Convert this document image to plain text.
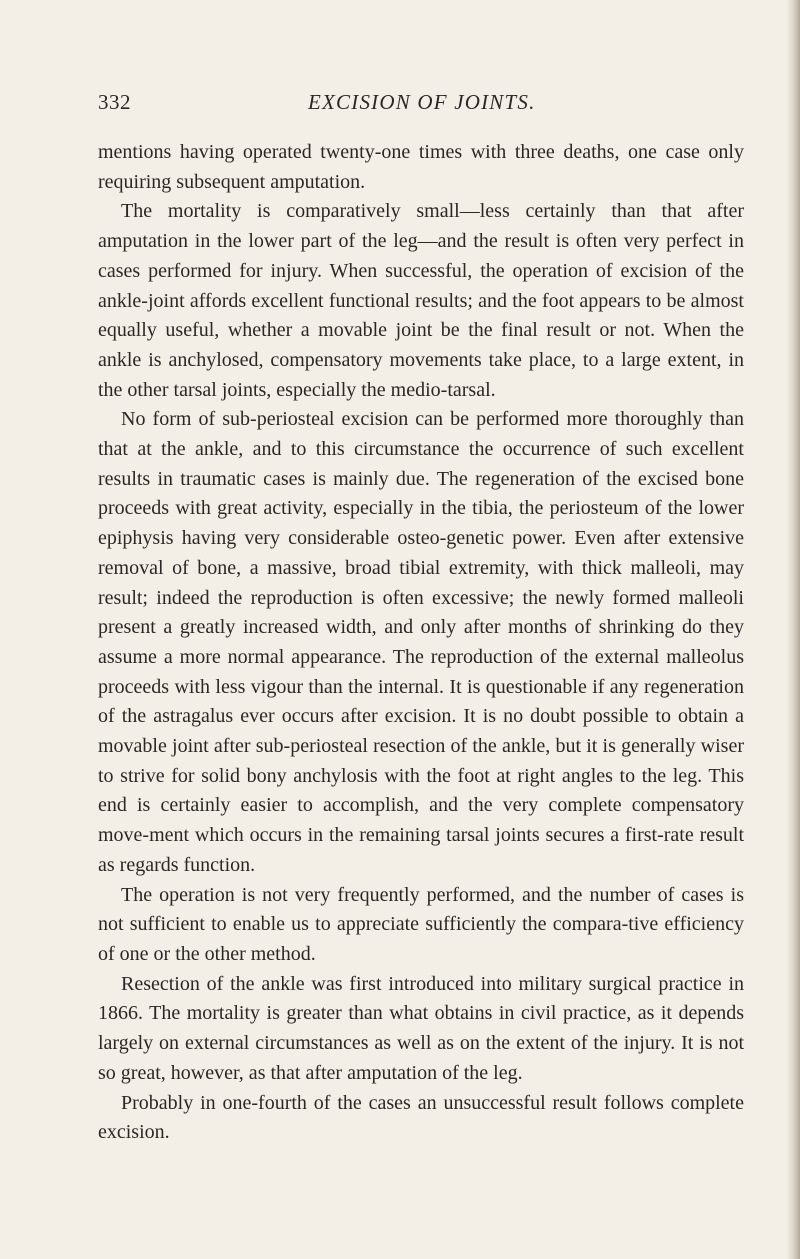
332	EXCISION OF JOINTS.

mentions having operated twenty-one times with three deaths, one case only requiring subsequent amputation.

The mortality is comparatively small—less certainly than that after amputation in the lower part of the leg—and the result is often very perfect in cases performed for injury. When successful, the operation of excision of the ankle-joint affords excellent functional results; and the foot appears to be almost equally useful, whether a movable joint be the final result or not. When the ankle is anchylosed, compensatory movements take place, to a large extent, in the other tarsal joints, especially the medio-tarsal.

No form of sub-periosteal excision can be performed more thoroughly than that at the ankle, and to this circumstance the occurrence of such excellent results in traumatic cases is mainly due. The regeneration of the excised bone proceeds with great activity, especially in the tibia, the periosteum of the lower epiphysis having very considerable osteo-genetic power. Even after extensive removal of bone, a massive, broad tibial extremity, with thick malleoli, may result; indeed the reproduction is often excessive; the newly formed malleoli present a greatly increased width, and only after months of shrinking do they assume a more normal appearance. The reproduction of the external malleolus proceeds with less vigour than the internal. It is questionable if any regeneration of the astragalus ever occurs after excision. It is no doubt possible to obtain a movable joint after sub-periosteal resection of the ankle, but it is generally wiser to strive for solid bony anchylosis with the foot at right angles to the leg. This end is certainly easier to accomplish, and the very complete compensatory move-ment which occurs in the remaining tarsal joints secures a first-rate result as regards function.

The operation is not very frequently performed, and the number of cases is not sufficient to enable us to appreciate sufficiently the compara-tive efficiency of one or the other method.

Resection of the ankle was first introduced into military surgical practice in 1866. The mortality is greater than what obtains in civil practice, as it depends largely on external circumstances as well as on the extent of the injury. It is not so great, however, as that after amputation of the leg.

Probably in one-fourth of the cases an unsuccessful result follows complete excision.
